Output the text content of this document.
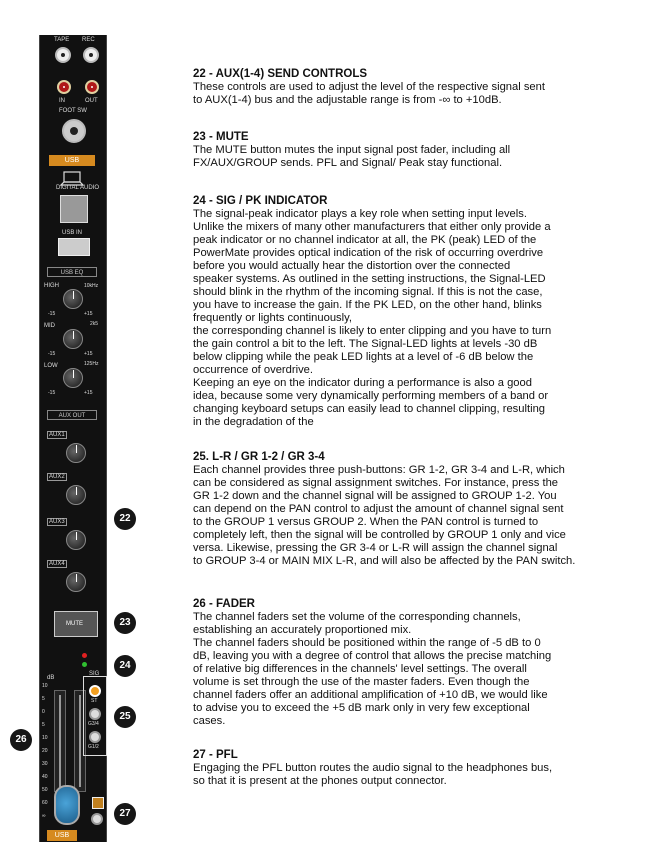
TAPE REC
IN	OUT
FOOT SW
DIGITAL AUDIO
USB IN
HIGH	10kHz
-15	+15
MID	2k5
-15	+15
LOW	125Hz
-15	+15
dB
10
5
0
5
10
20
30
40
50
60
∞
USB
USB EQ
AUX OUT
AUX1
AUX2
AUX3
AUX4
MUTE
SIG
ST
G3/4
G1/2
USB
22
23
24
25
26
27
22 - AUX(1-4) SEND CONTROLS

These controls are used to adjust the level of the respective signal sent

to AUX(1-4) bus and the adjustable range is from -∞ to +10dB.

23 - MUTE

The MUTE button mutes the input signal post fader, including all

FX/AUX/GROUP sends. PFL and Signal/ Peak stay functional.

24 - SIG / PK INDICATOR

The signal-peak indicator plays a key role when setting input levels.

Unlike the mixers of many other manufacturers that either only provide a

peak indicator or no channel indicator at all, the PK (peak) LED of the

PowerMate provides optical indication of the risk of occurring overdrive

before you would actually hear the distortion over the connected

speaker systems. As outlined in the setting instructions, the Signal-LED

should blink in the rhythm of the incoming signal. If this is not the case,

you have to increase the gain. If the PK LED, on the other hand, blinks

frequently or lights continuously,

the corresponding channel is likely to enter clipping and you have to turn

the gain control a bit to the left. The Signal-LED lights at levels -30 dB

below clipping while the peak LED lights at a level of -6 dB below the

occurrence of overdrive.

Keeping an eye on the indicator during a performance is also a good

idea, because some very dynamically performing members of a band or

changing keyboard setups can easily lead to channel clipping, resulting

in the degradation of the

25. L-R / GR 1-2 / GR 3-4

Each channel provides three push-buttons: GR 1-2, GR 3-4 and L-R, which

can be considered as signal assignment switches. For instance, press the

GR 1-2 down and the channel signal will be assigned to GROUP 1-2. You

can depend on the PAN control to adjust the amount of channel signal sent

to the GROUP 1 versus GROUP 2. When the PAN control is turned to

completely left, then the signal will be controlled by GROUP 1 only and vice

versa. Likewise, pressing the GR 3-4 or L-R will assign the channel signal

to GROUP 3-4 or MAIN MIX L-R, and will also be affected by the PAN switch.

26 - FADER

The channel faders set the volume of the corresponding channels,

establishing an accurately proportioned mix.

The channel faders should be positioned within the range of -5 dB to 0

dB, leaving you with a degree of control that allows the precise matching

of relative big differences in the channels' level settings. The overall

volume is set through the use of the master faders. Even though the

channel faders offer an additional amplification of +10 dB, we would like

to advise you to exceed the +5 dB mark only in very few exceptional

cases.

27 - PFL

Engaging the PFL button routes the audio signal to the headphones bus,

so that it is present at the phones output connector.
